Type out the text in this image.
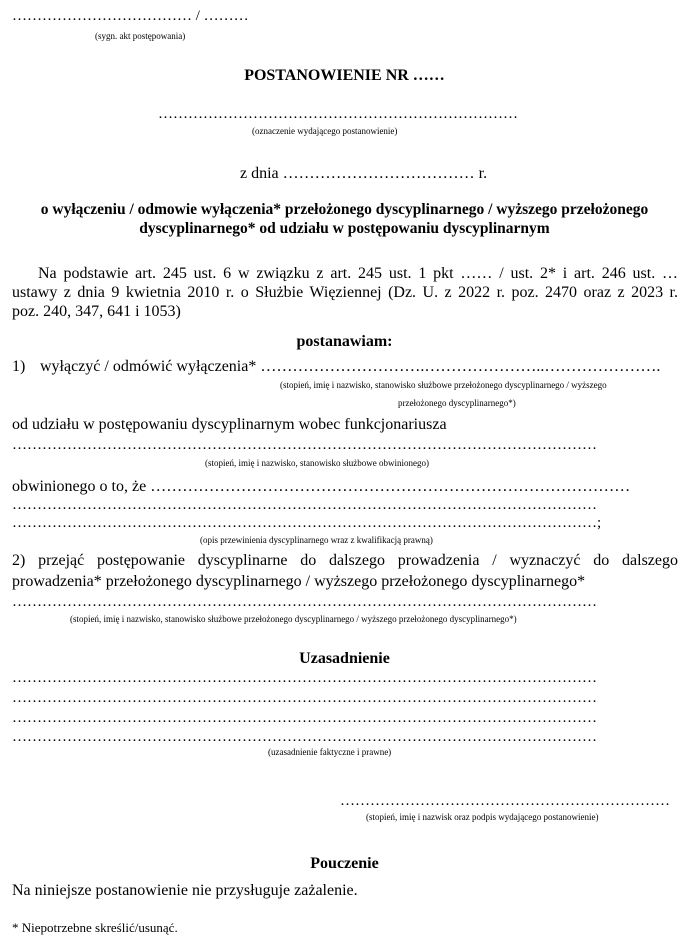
……………………………… / ………
(sygn. akt postępowania)
POSTANOWIENIE NR ……
………………………………………………………………
(oznaczenie wydającego postanowienie)
z dnia ……………………………… r.
o wyłączeniu / odmowie wyłączenia* przełożonego dyscyplinarnego / wyższego przełożonego
dyscyplinarnego* od udziału w postępowaniu dyscyplinarnym
Na podstawie art. 245 ust. 6 w związku z art. 245 ust. 1 pkt …… / ust. 2* i art. 246 ust. …
ustawy z dnia 9 kwietnia 2010 r. o Służbie Więziennej (Dz. U. z 2022 r. poz. 2470 oraz z 2023 r.
poz. 240, 347, 641 i 1053)
postanawiam:
1) wyłączyć / odmówić wyłączenia* ………………………….…………………..………………….
(stopień, imię i nazwisko, stanowisko służbowe przełożonego dyscyplinarnego / wyższego
przełożonego dyscyplinarnego*)
od udziału w postępowaniu dyscyplinarnym wobec funkcjonariusza
………………………………………………………………………………………………………
(stopień, imię i nazwisko, stanowisko służbowe obwinionego)
obwinionego o to, że ………………………………………………………………………………
………………………………………………………………………………………………………
………………………………………………………………………………………………………;
(opis przewinienia dyscyplinarnego wraz z kwalifikacją prawną)
2) przejąć postępowanie dyscyplinarne do dalszego prowadzenia / wyznaczyć do dalszego
prowadzenia* przełożonego dyscyplinarnego / wyższego przełożonego dyscyplinarnego*
………………………………………………………………………………………………………
(stopień, imię i nazwisko, stanowisko służbowe przełożonego dyscyplinarnego / wyższego przełożonego dyscyplinarnego*)
Uzasadnienie
………………………………………………………………………………………………………
………………………………………………………………………………………………………
………………………………………………………………………………………………………
………………………………………………………………………………………………………
(uzasadnienie faktyczne i prawne)
…………………………………………………………
(stopień, imię i nazwisk oraz podpis wydającego postanowienie)
Pouczenie
Na niniejsze postanowienie nie przysługuje zażalenie.
* Niepotrzebne skreślić/usunąć.
